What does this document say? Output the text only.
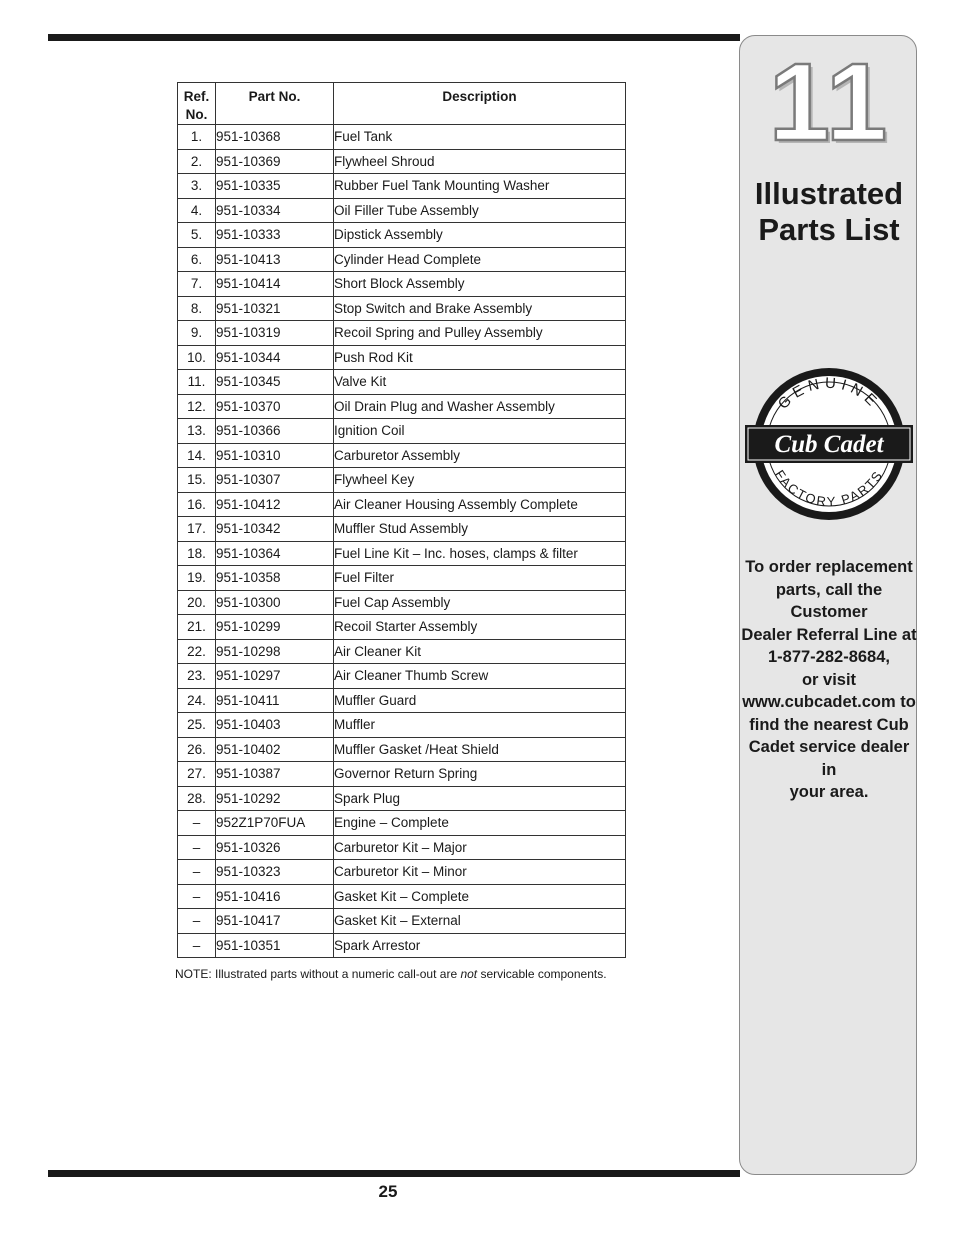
Ref.
No.	Part No.	Description
1.	951-10368	Fuel Tank
2.	951-10369	Flywheel Shroud
3.	951-10335	Rubber Fuel Tank Mounting Washer
4.	951-10334	Oil Filler Tube Assembly
5.	951-10333	Dipstick Assembly
6.	951-10413	Cylinder Head Complete
7.	951-10414	Short Block Assembly
8.	951-10321	Stop Switch and Brake Assembly
9.	951-10319	Recoil Spring and Pulley Assembly
10.	951-10344	Push Rod Kit
11.	951-10345	Valve Kit
12.	951-10370	Oil Drain Plug and Washer Assembly
13.	951-10366	Ignition Coil
14.	951-10310	Carburetor Assembly
15.	951-10307	Flywheel Key
16.	951-10412	Air Cleaner Housing Assembly Complete
17.	951-10342	Muffler Stud Assembly
18.	951-10364	Fuel Line Kit – Inc. hoses, clamps & filter
19.	951-10358	Fuel Filter
20.	951-10300	Fuel Cap Assembly
21.	951-10299	Recoil Starter Assembly
22.	951-10298	Air Cleaner Kit
23.	951-10297	Air Cleaner Thumb Screw
24.	951-10411	Muffler Guard
25.	951-10403	Muffler
26.	951-10402	Muffler Gasket /Heat Shield
27.	951-10387	Governor Return Spring
28.	951-10292	Spark Plug
–	952Z1P70FUA	Engine – Complete
–	951-10326	Carburetor Kit – Major
–	951-10323	Carburetor Kit – Minor
–	951-10416	Gasket Kit – Complete
–	951-10417	Gasket Kit – External
–	951-10351	Spark Arrestor
NOTE: Illustrated parts without a numeric call-out are not servicable components.
25
11
Illustrated
Parts List
GENUINE
FACTORY PARTS
Cub Cadet
To order replacement
parts, call the Customer
Dealer Referral Line at
1-877-282-8684,
or visit
www.cubcadet.com to
find the nearest Cub
Cadet service dealer in
your area.
